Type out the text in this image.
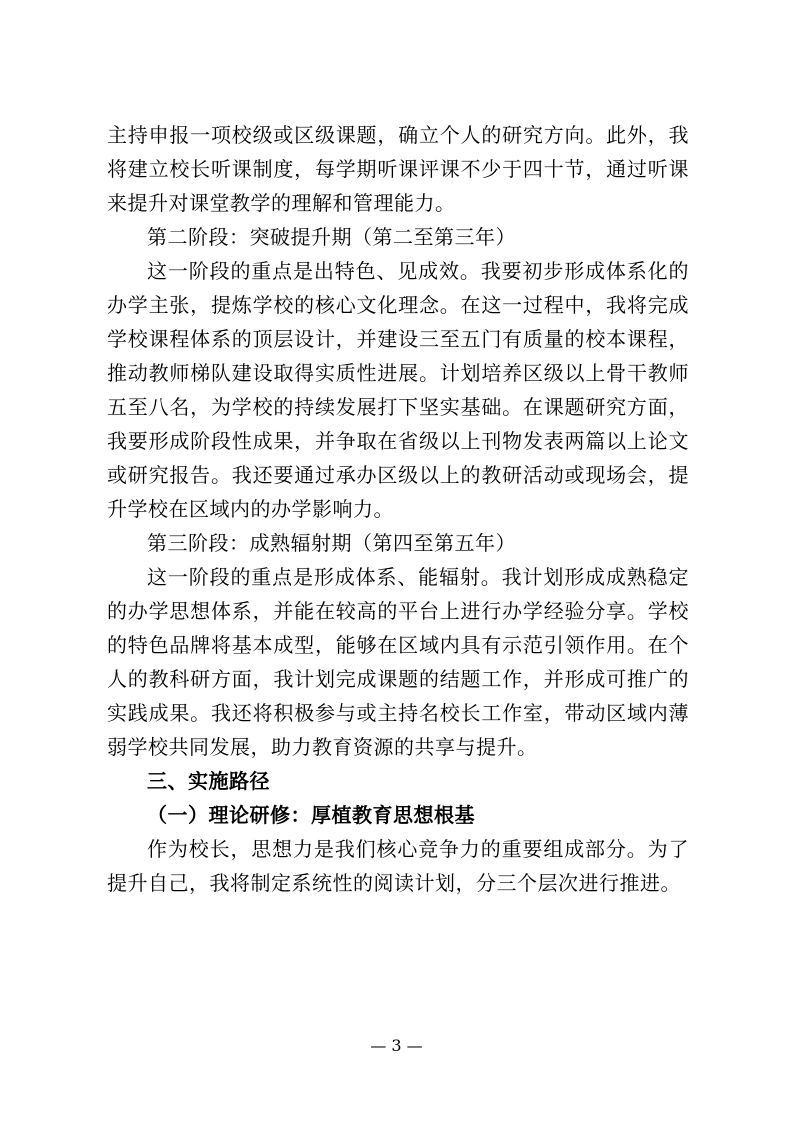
主持申报一项校级或区级课题，确立个人的研究方向。此外，我将建立校长听课制度，每学期听课评课不少于四十节，通过听课来提升对课堂教学的理解和管理能力。

第二阶段：突破提升期（第二至第三年）

这一阶段的重点是出特色、见成效。我要初步形成体系化的办学主张，提炼学校的核心文化理念。在这一过程中，我将完成学校课程体系的顶层设计，并建设三至五门有质量的校本课程，推动教师梯队建设取得实质性进展。计划培养区级以上骨干教师五至八名，为学校的持续发展打下坚实基础。在课题研究方面，我要形成阶段性成果，并争取在省级以上刊物发表两篇以上论文或研究报告。我还要通过承办区级以上的教研活动或现场会，提升学校在区域内的办学影响力。

第三阶段：成熟辐射期（第四至第五年）

这一阶段的重点是形成体系、能辐射。我计划形成成熟稳定的办学思想体系，并能在较高的平台上进行办学经验分享。学校的特色品牌将基本成型，能够在区域内具有示范引领作用。在个人的教科研方面，我计划完成课题的结题工作，并形成可推广的实践成果。我还将积极参与或主持名校长工作室，带动区域内薄弱学校共同发展，助力教育资源的共享与提升。

三、实施路径

（一）理论研修：厚植教育思想根基

作为校长，思想力是我们核心竞争力的重要组成部分。为了提升自己，我将制定系统性的阅读计划，分三个层次进行推进。

— 3 —
